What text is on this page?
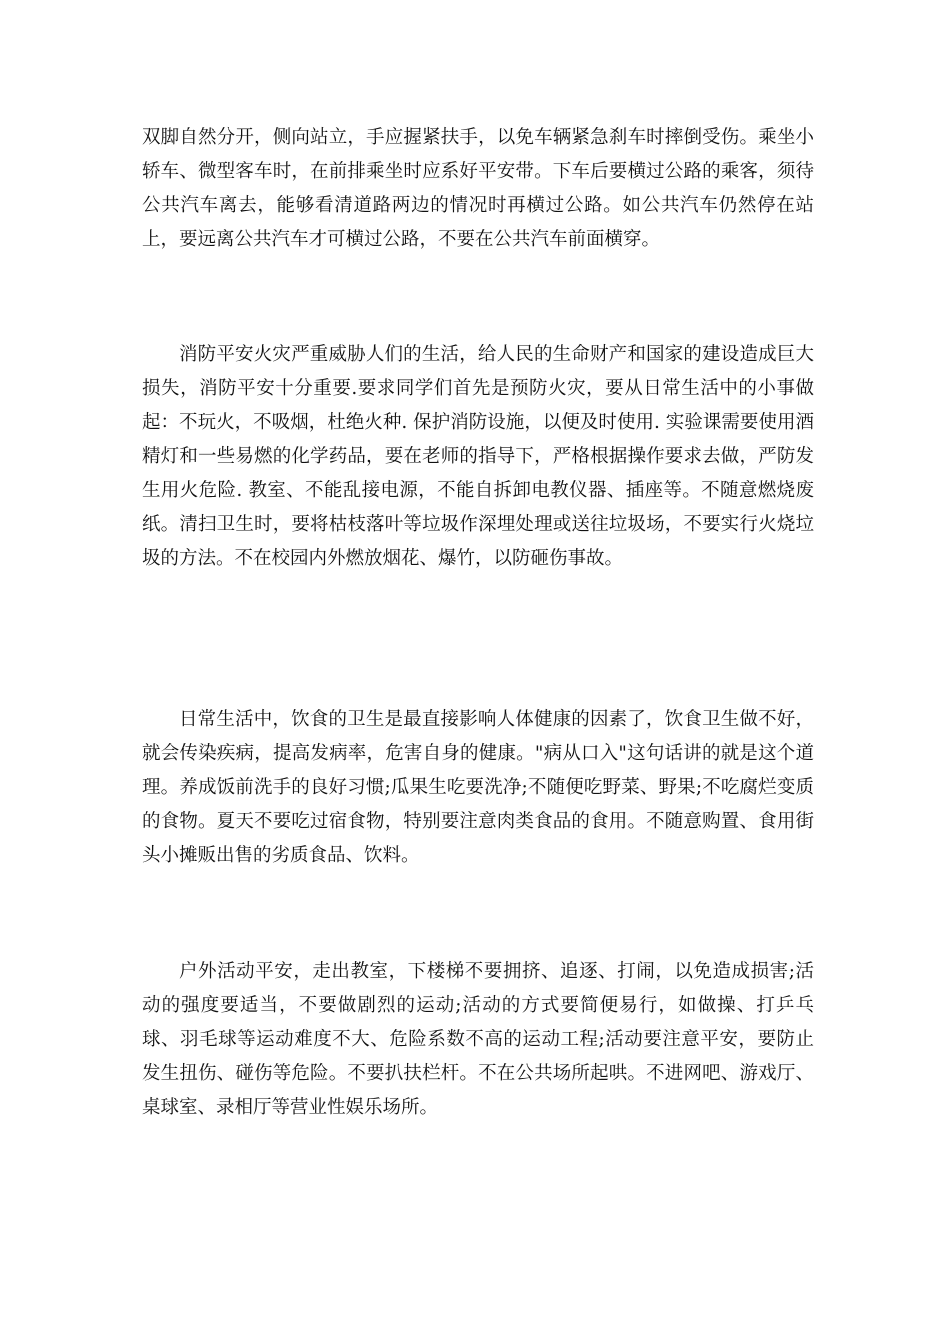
双脚自然分开，侧向站立，手应握紧扶手，以免车辆紧急刹车时摔倒受伤。乘坐小轿车、微型客车时，在前排乘坐时应系好平安带。下车后要横过公路的乘客，须待公共汽车离去，能够看清道路两边的情况时再横过公路。如公共汽车仍然停在站上，要远离公共汽车才可横过公路，不要在公共汽车前面横穿。

消防平安火灾严重威胁人们的生活，给人民的生命财产和国家的建设造成巨大损失，消防平安十分重要.要求同学们首先是预防火灾，要从日常生活中的小事做起：不玩火，不吸烟，杜绝火种. 保护消防设施，以便及时使用. 实验课需要使用酒精灯和一些易燃的化学药品，要在老师的指导下，严格根据操作要求去做，严防发生用火危险. 教室、不能乱接电源，不能自拆卸电教仪器、插座等。不随意燃烧废纸。清扫卫生时，要将枯枝落叶等垃圾作深埋处理或送往垃圾场，不要实行火烧垃圾的方法。不在校园内外燃放烟花、爆竹，以防砸伤事故。

日常生活中，饮食的卫生是最直接影响人体健康的因素了，饮食卫生做不好，就会传染疾病，提高发病率，危害自身的健康。"病从口入"这句话讲的就是这个道理。养成饭前洗手的良好习惯;瓜果生吃要洗净;不随便吃野菜、野果;不吃腐烂变质的食物。夏天不要吃过宿食物，特别要注意肉类食品的食用。不随意购置、食用街头小摊贩出售的劣质食品、饮料。

户外活动平安，走出教室，下楼梯不要拥挤、追逐、打闹，以免造成损害;活动的强度要适当，不要做剧烈的运动;活动的方式要简便易行，如做操、打乒乓球、羽毛球等运动难度不大、危险系数不高的运动工程;活动要注意平安，要防止发生扭伤、碰伤等危险。不要扒扶栏杆。不在公共场所起哄。不进网吧、游戏厅、桌球室、录相厅等营业性娱乐场所。
